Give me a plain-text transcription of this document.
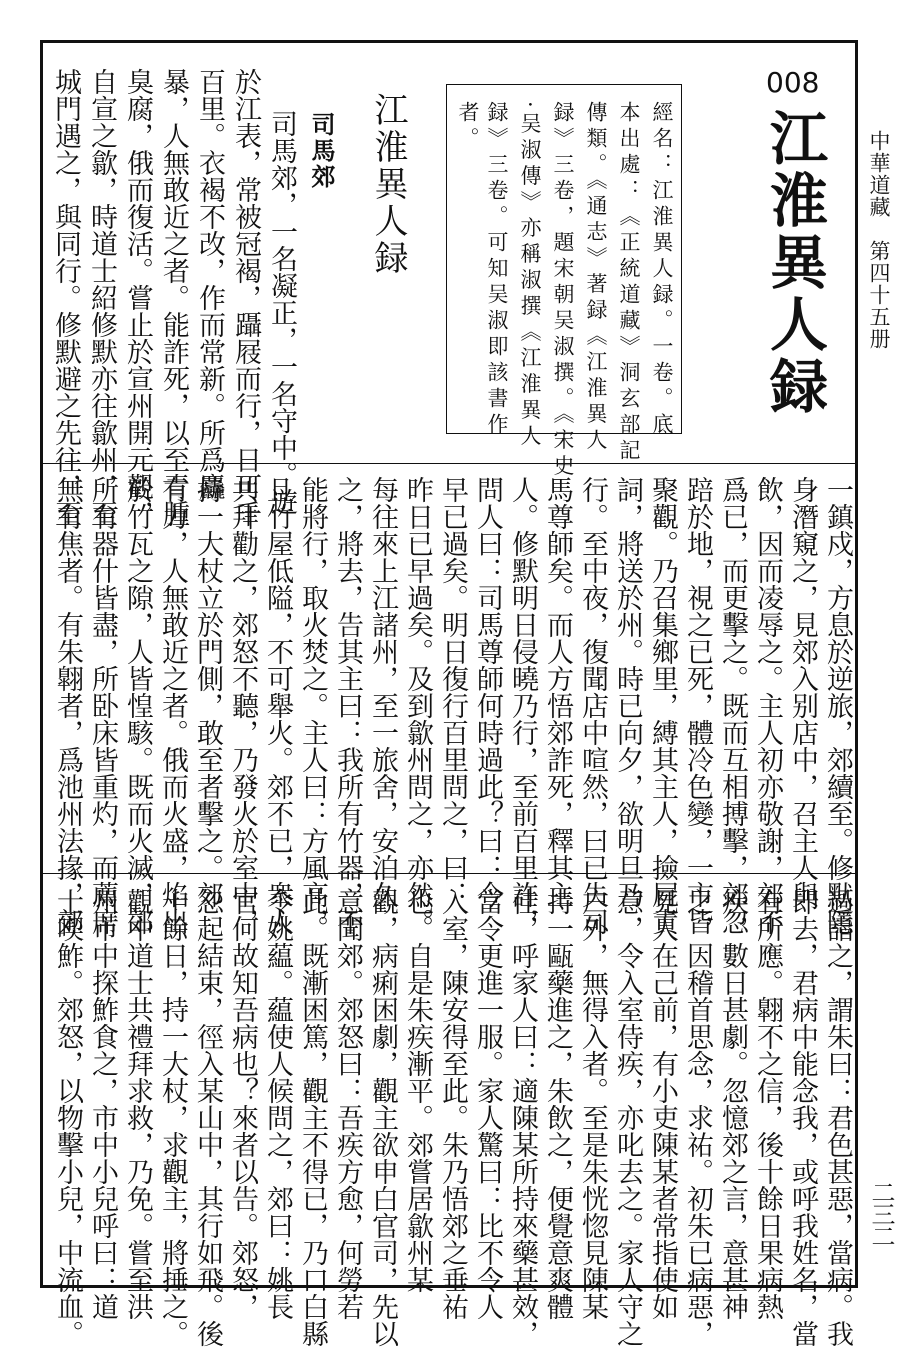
中華道藏　第四十五册
二三二
008
江淮異人録
經名：江淮異人録。一卷。底
本出處：《正統道藏》洞玄部記
傳類。《通志》著録《江淮異人
録》三卷，題宋朝吴淑撰。《宋史
·吴淑傳》亦稱淑撰《江淮異人
録》三卷。可知吴淑即該書作
者。
江淮異人録
司馬郊
司馬郊，一名凝正，一名守中。遊
於江表，常被冠褐，躡屐而行，日可千
百里。衣褐不改，作而常新。所爲麤
暴，人無敢近之者。能詐死，以至青腫
臭腐，俄而復活。嘗止於宣州開元觀，
自宣之歙，時道士紹修默亦往歙州，至
城門遇之，與同行。修默避之先往，至
一鎮戍，方息於逆旅，郊續至。修默隱
身潛窺之，見郊入别店中，召主人與
飲，因而凌辱之。主人初亦敬謝，郊不
爲已，而更擊之。既而互相搏擊，郊忽
踣於地，視之已死，體冷色變，一市皆
聚觀。乃召集鄉里，縛其主人，撿屍責
詞，將送於州。時已向夕，欲明旦乃
行。至中夜，復聞店中喧然，曰已失司
馬尊師矣。而人方悟郊詐死，釋其主
人。修默明日侵曉乃行，至前百里許，
問人曰：司馬尊師何時過此？曰：今
早已過矣。明日復行百里問之，曰：
昨日已早過矣。及到歙州問之，亦然。
每往來上江諸州，至一旅舍，安泊久
之，將去，告其主曰：我所有竹器，不
能將行，取火焚之。主人曰：方風高，
且竹屋低隘，不可舉火。郊不已，衆人
共拜勸之，郊怒不聽，乃發火於室中，
持一大杖立於門側，敢至者擊之。郊
有力，人無敢近之者。俄而火盛，焰出
於竹瓦之隙，人皆惶駭。既而火滅，郊
所有器什皆盡，所卧床皆重灼，而薦席
無有焦者。有朱翺者，爲池州法掾，郊
過詣之，謂朱曰：君色甚惡，當病。我
即去，君病中能念我，或呼我姓名，當
有所應。翺不之信，後十餘日果病熱
疾，數日甚劇。忽憶郊之言，意甚神
之，因稽首思念，求祐。初朱已病惡，
見人在己前，有小吏陳某者常指使如
意，令入室侍疾，亦叱去之。家人守之
户外，無得入者。至是朱恍惚見陳某
持一甌藥進之，朱飲之，便覺意爽體
佳，呼家人曰：適陳某所持來藥甚效，
當令更進一服。家人驚曰：比不令人
入室，陳安得至此。朱乃悟郊之垂祐
也。自是朱疾漸平。郊嘗居歙州某
觀，病痢困劇，觀主欲申白官司，先以
意聞郊。郊怒曰：吾疾方愈，何勞若
此。既漸困篤，觀主不得已，乃口白縣
令姚藴。藴使人候問之，郊曰：姚長
官何故知吾病也？來者以告。郊怒，
忽起結束，徑入某山中，其行如飛。後
十餘日，持一大杖，求觀主，將捶之。
觀中道士共禮拜求救，乃免。嘗至洪
州市中探鮓食之，市中小兒呼曰：道
士喫鮓。郊怒，以物擊小兒，中流血。
